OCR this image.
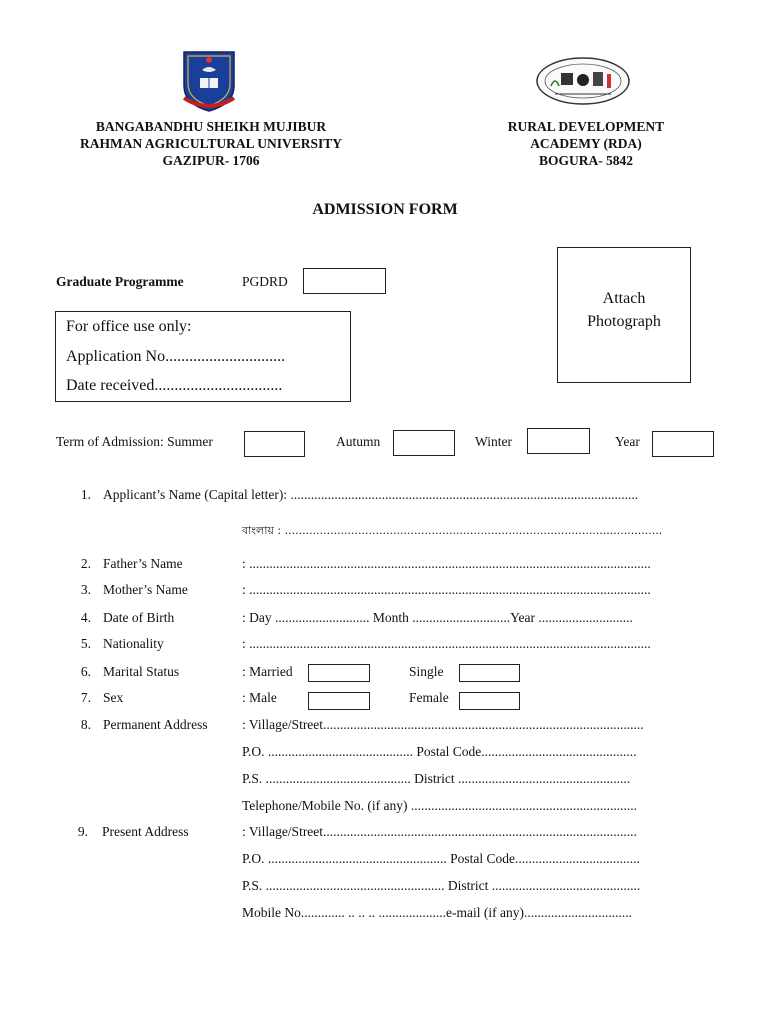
BANGABANDHU SHEIKH MUJIBUR
RAHMAN AGRICULTURAL UNIVERSITY
GAZIPUR- 1706
RURAL DEVELOPMENT
ACADEMY (RDA)
BOGURA- 5842
ADMISSION FORM
Graduate Programme	PGDRD
Attach
Photograph
For office use only:
Application No..............................
Date received................................
Term of Admission: Summer	Autumn	Winter	Year
1. Applicant’s Name (Capital letter): .......................................................................................................
বাংলায় : ............................................................................................................
2. Father’s Name	: .......................................................................................................................
3. Mother’s Name	: .......................................................................................................................
4. Date of Birth	: Day ............................ Month .............................Year ............................
5. Nationality	: .......................................................................................................................
6. Marital Status	: Married	Single
7. Sex	: Male	Female
8. Permanent Address	: Village/Street...............................................................................................
P.O. ........................................... Postal Code..............................................
P.S. ........................................... District ...................................................
Telephone/Mobile No. (if any) ...................................................................
9. Present Address	: Village/Street.............................................................................................
P.O. ..................................................... Postal Code.....................................
P.S. ..................................................... District ............................................
Mobile No............. .. .. .. ....................e-mail (if any)................................
